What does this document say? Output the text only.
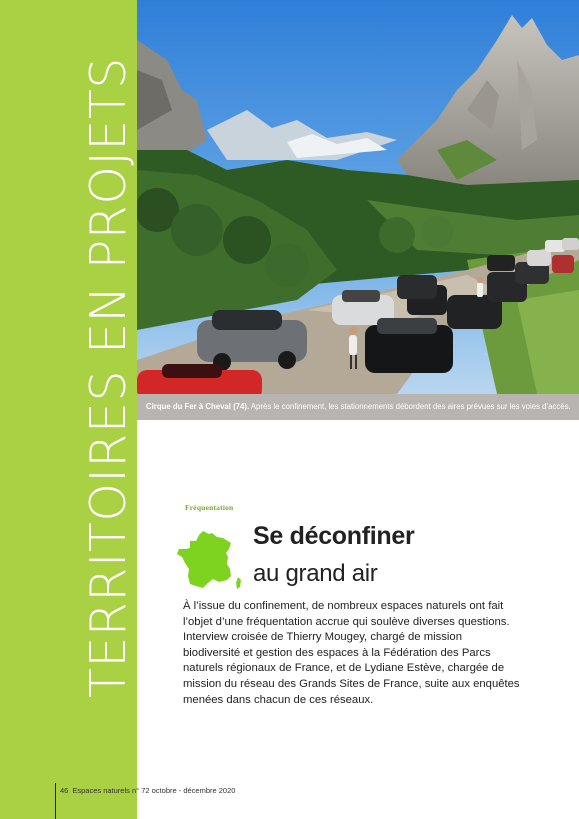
TERRITOIRES EN PROJETS Cirque du Fer à Cheval (74). Après le confinement, les stationnements débordent des aires prévues sur les voies d’accès.
Fréquentation
Se déconfiner
au grand air
À l’issue du confinement, de nombreux espaces naturels ont fait
l’objet d’une fréquentation accrue qui soulève diverses questions.
Interview croisée de Thierry Mougey, chargé de mission
biodiversité et gestion des espaces à la Fédération des Parcs
naturels régionaux de France, et de Lydiane Estève, chargée de
mission du réseau des Grands Sites de France, suite aux enquêtes
menées dans chacun de ces réseaux.
46 Espaces naturels n° 72 octobre - décembre 2020
